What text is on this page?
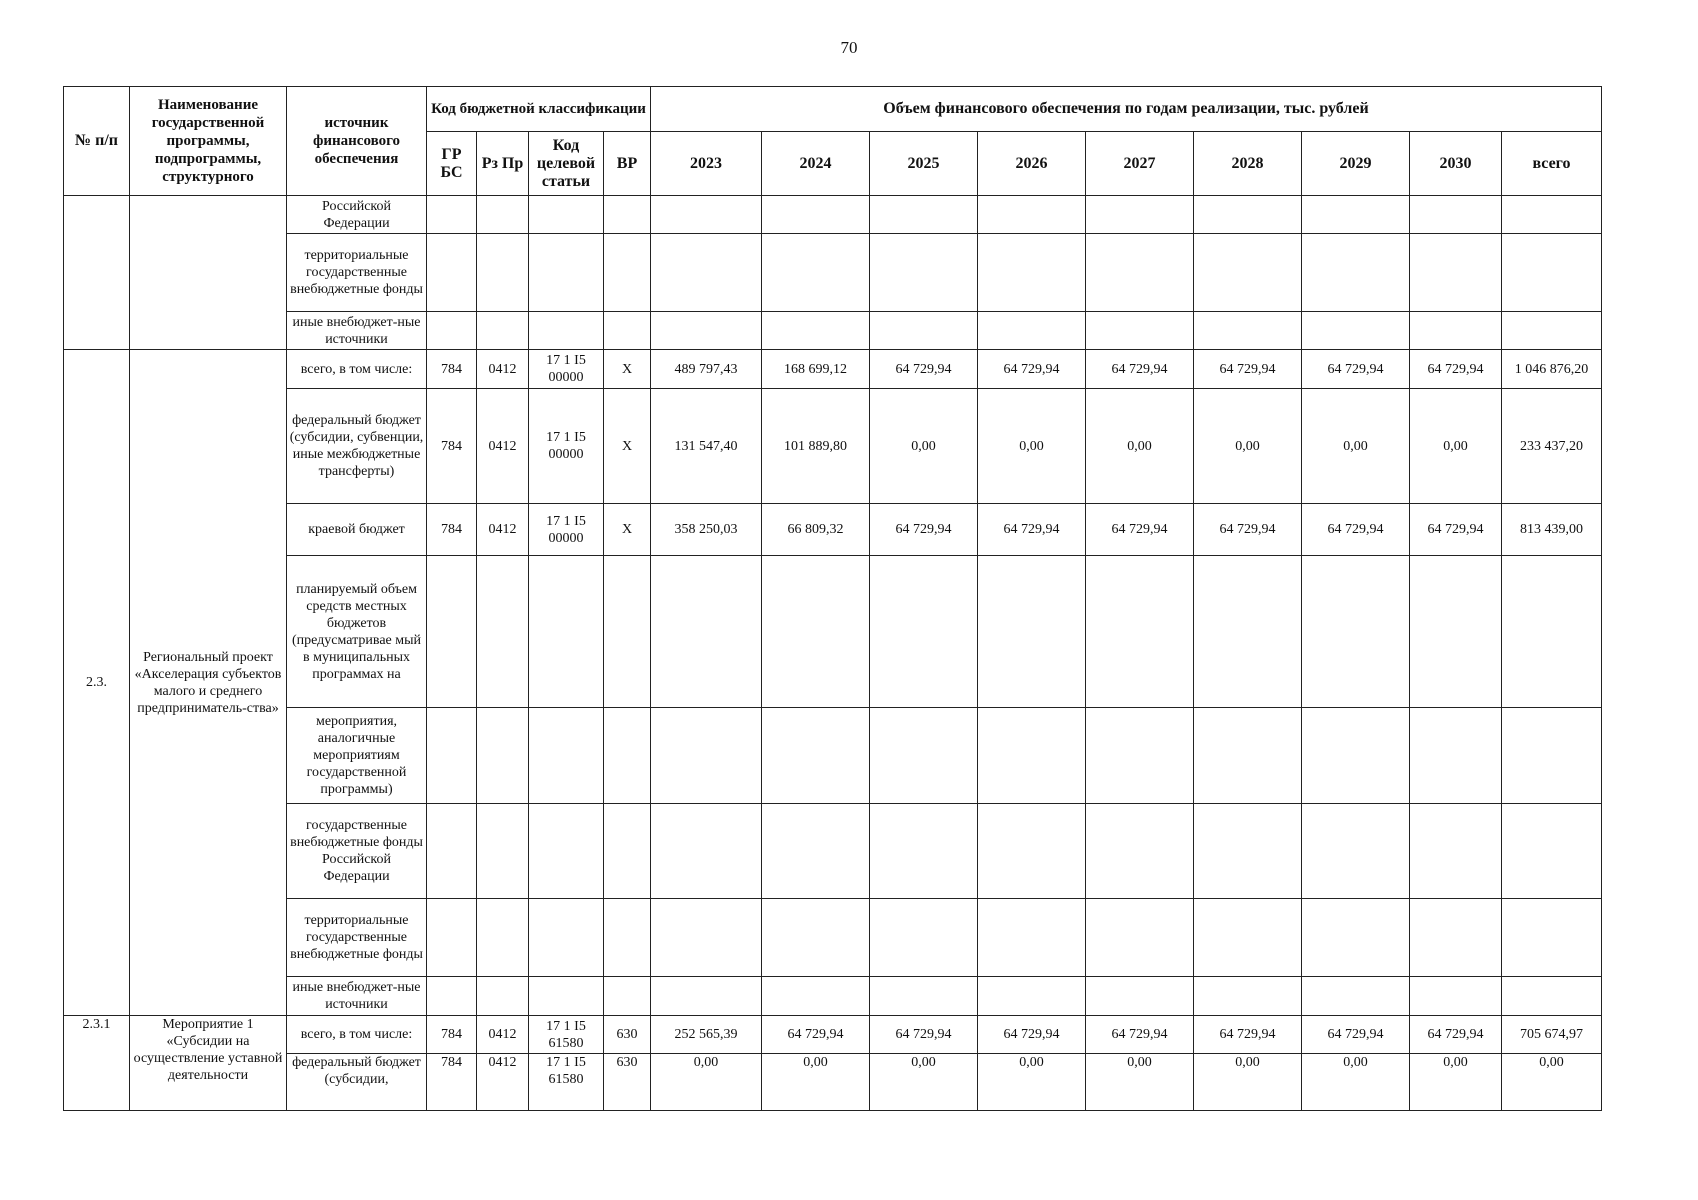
70
№ п/п	Наименование государственной программы, подпрограммы, структурного	источник финансового обеспечения	Код бюджетной классификации				Объем финансового обеспечения по годам реализации, тыс. рублей								
			ГР БС	Рз Пр	Код целевой статьи	ВР	2023	2024	2025	2026	2027	2028	2029	2030	всего
		Российской Федерации													
		территориальные государственные внебюджетные фонды													
		иные внебюджет-ные источники													
2.3.	Региональный проект «Акселерация субъектов малого и среднего предприниматель-ства»	всего, в том числе:	784	0412	17 1 I5 00000	X	489 797,43	168 699,12	64 729,94	64 729,94	64 729,94	64 729,94	64 729,94	64 729,94	1 046 876,20
		федеральный бюджет (субсидии, субвенции, иные межбюджетные трансферты)	784	0412	17 1 I5 00000	X	131 547,40	101 889,80	0,00	0,00	0,00	0,00	0,00	0,00	233 437,20
		краевой бюджет	784	0412	17 1 I5 00000	X	358 250,03	66 809,32	64 729,94	64 729,94	64 729,94	64 729,94	64 729,94	64 729,94	813 439,00
		планируемый объем средств местных бюджетов (предусматривае мый в муниципальных программах на													
		мероприятия, аналогичные мероприятиям государственной программы)													
		государственные внебюджетные фонды Российской Федерации													
		территориальные государственные внебюджетные фонды													
		иные внебюджет-ные источники													
2.3.1	Мероприятие 1 «Субсидии на осуществление уставной деятельности	всего, в том числе:	784	0412	17 1 I5 61580	630	252 565,39	64 729,94	64 729,94	64 729,94	64 729,94	64 729,94	64 729,94	64 729,94	705 674,97
		федеральный бюджет (субсидии,	784	0412	17 1 I5 61580	630	0,00	0,00	0,00	0,00	0,00	0,00	0,00	0,00	0,00
